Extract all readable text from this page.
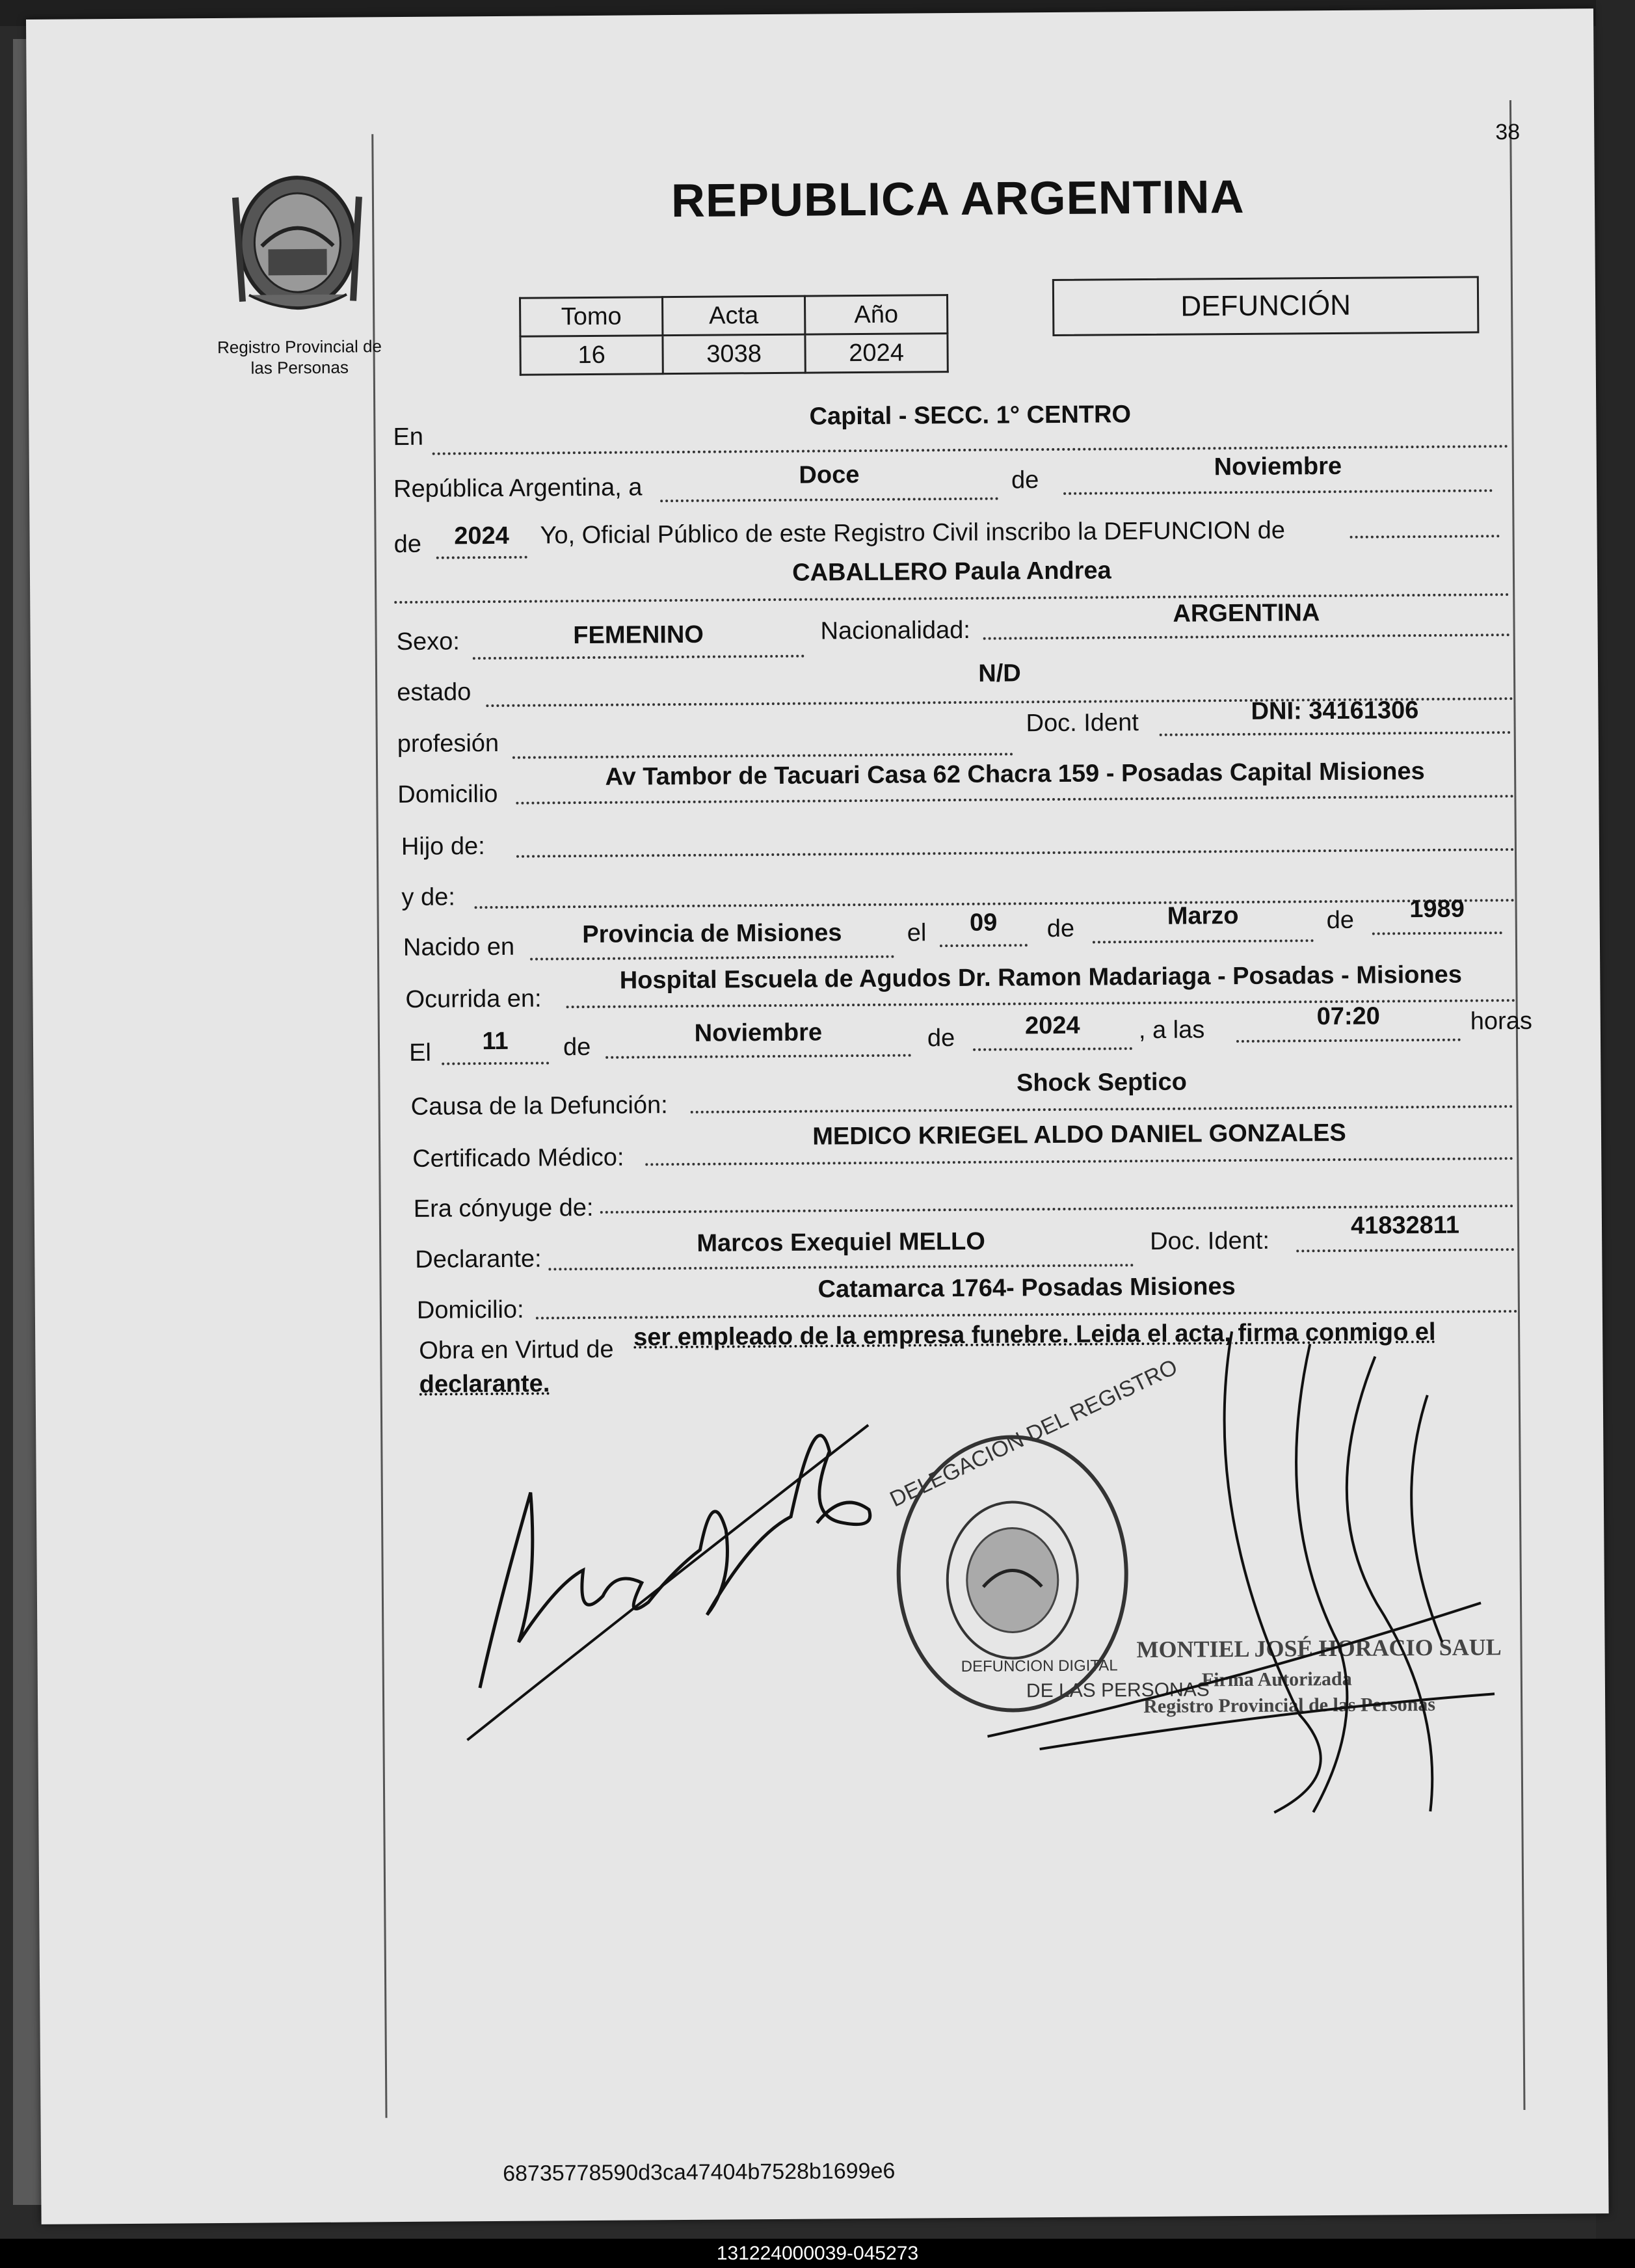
38
Registro Provincial de
las Personas
REPUBLICA ARGENTINA
Tomo	Acta	Año
16	3038	2024
DEFUNCIÓN
En
Capital - SECC. 1° CENTRO
República Argentina, a	Doce	de	Noviembre
de	2024	Yo, Oficial Público de este Registro Civil inscribo la DEFUNCION de
CABALLERO Paula Andrea
Sexo:	FEMENINO	Nacionalidad:
ARGENTINA
estado
N/D
profesión
Doc. Ident	DNI: 34161306
Domicilio
Av Tambor de Tacuari Casa 62 Chacra 159 - Posadas Capital Misiones
Hijo de:
y de:
Nacido en	Provincia de Misiones	el	09	de	Marzo	de	1989
Ocurrida en:
Hospital Escuela de Agudos Dr. Ramon Madariaga - Posadas - Misiones
El	11	de
Noviembre	de	2024	, a las	07:20	horas
Causa de la Defunción:
Shock Septico
Certificado Médico:
MEDICO KRIEGEL ALDO DANIEL GONZALES
Era cónyuge de:
Declarante:
Marcos Exequiel MELLO	Doc. Ident:
41832811
Domicilio:
Catamarca 1764- Posadas Misiones
Obra en Virtud de ser empleado de la empresa funebre. Leida el acta, firma conmigo el
declarante.	DELEGACION DEL REGISTRO
DE LAS PERSONAS
DEFUNCION DIGITAL
MONTIEL JOSÉ HORACIO SAUL
Firma Autorizada
Registro Provincial de las Personas
68735778590d3ca47404b7528b1699e6
131224000039-045273
